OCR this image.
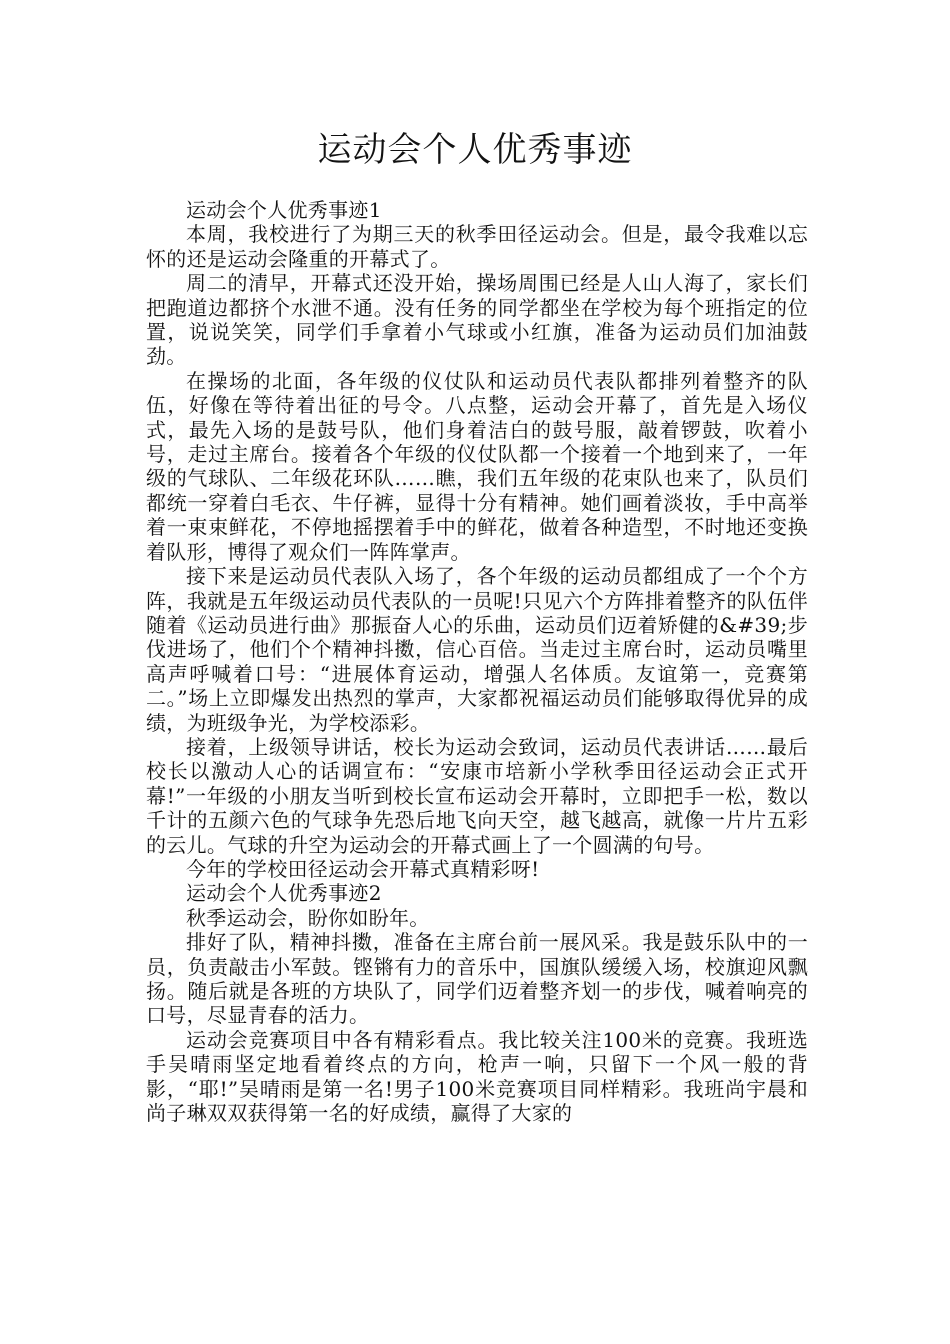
运动会个人优秀事迹

运动会个人优秀事迹1

本周，我校进行了为期三天的秋季田径运动会。但是，最令我难以忘怀的还是运动会隆重的开幕式了。

周二的清早，开幕式还没开始，操场周围已经是人山人海了，家长们把跑道边都挤个水泄不通。没有任务的同学都坐在学校为每个班指定的位置，说说笑笑，同学们手拿着小气球或小红旗，准备为运动员们加油鼓劲。

在操场的北面，各年级的仪仗队和运动员代表队都排列着整齐的队伍，好像在等待着出征的号令。八点整，运动会开幕了，首先是入场仪式，最先入场的是鼓号队，他们身着洁白的鼓号服，敲着锣鼓，吹着小号，走过主席台。接着各个年级的仪仗队都一个接着一个地到来了，一年级的气球队、二年级花环队……瞧，我们五年级的花束队也来了，队员们都统一穿着白毛衣、牛仔裤，显得十分有精神。她们画着淡妆，手中高举着一束束鲜花，不停地摇摆着手中的鲜花，做着各种造型，不时地还变换着队形，博得了观众们一阵阵掌声。

接下来是运动员代表队入场了，各个年级的运动员都组成了一个个方阵，我就是五年级运动员代表队的一员呢!只见六个方阵排着整齐的队伍伴随着《运动员进行曲》那振奋人心的乐曲，运动员们迈着矫健的&#39;步伐进场了，他们个个精神抖擞，信心百倍。当走过主席台时，运动员嘴里高声呼喊着口号：“进展体育运动，增强人名体质。友谊第一，竞赛第二。”场上立即爆发出热烈的掌声，大家都祝福运动员们能够取得优异的成绩，为班级争光，为学校添彩。

接着，上级领导讲话，校长为运动会致词，运动员代表讲话……最后校长以激动人心的话调宣布：“安康市培新小学秋季田径运动会正式开幕!”一年级的小朋友当听到校长宣布运动会开幕时，立即把手一松，数以千计的五颜六色的气球争先恐后地飞向天空，越飞越高，就像一片片五彩的云儿。气球的升空为运动会的开幕式画上了一个圆满的句号。

今年的学校田径运动会开幕式真精彩呀!

运动会个人优秀事迹2

秋季运动会，盼你如盼年。

排好了队，精神抖擞，准备在主席台前一展风采。我是鼓乐队中的一员，负责敲击小军鼓。铿锵有力的音乐中，国旗队缓缓入场，校旗迎风飘扬。随后就是各班的方块队了，同学们迈着整齐划一的步伐，喊着响亮的口号，尽显青春的活力。

运动会竞赛项目中各有精彩看点。我比较关注100米的竞赛。我班选手吴晴雨坚定地看着终点的方向，枪声一响，只留下一个风一般的背影，“耶!”吴晴雨是第一名!男子100米竞赛项目同样精彩。我班尚宇晨和尚子琳双双获得第一名的好成绩，赢得了大家的
